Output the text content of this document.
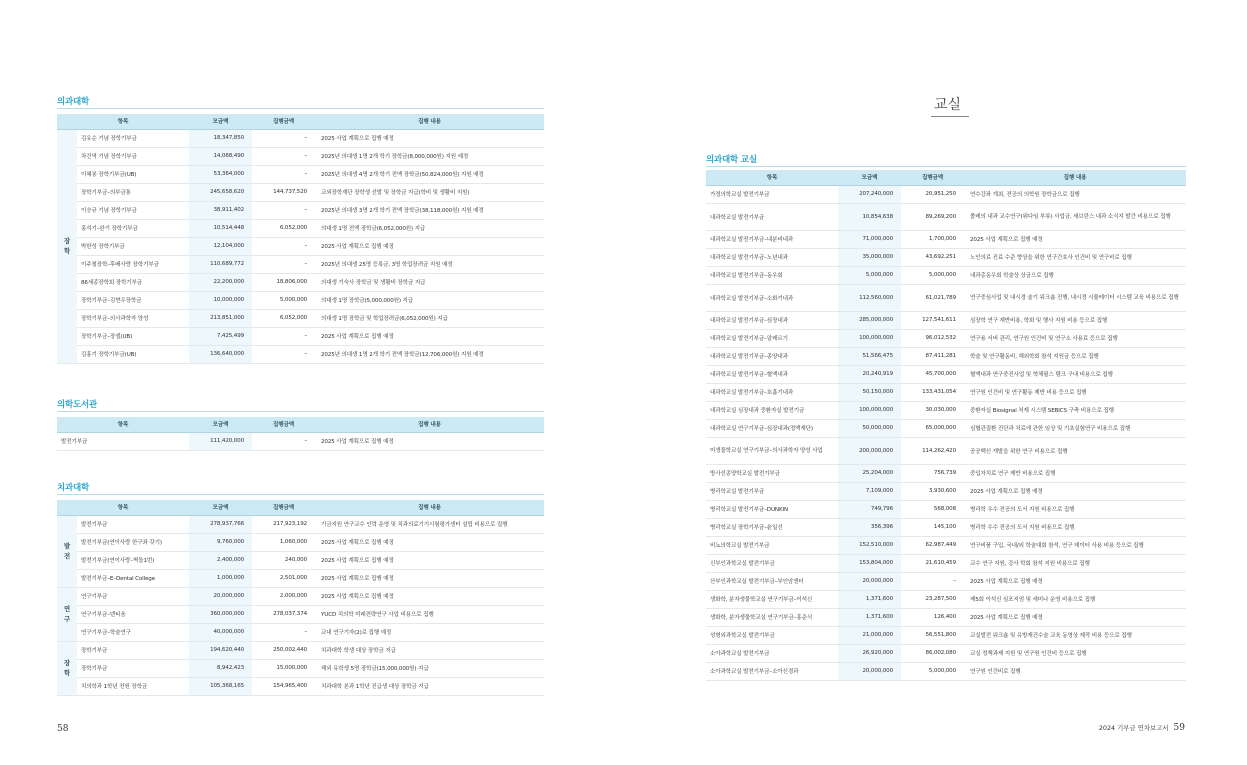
의과대학
항목		모금액	집행금액	집행 내용
장 학	김유순 기념 장학기부금	18,347,850	–	2025 사업 계획으로 집행 예정
	차건역 기념 장학기부금	14,068,490	–	2025년 의대생 1명 2개 학기 장학금(8,000,000원) 지원 예정
	이혜봉 장학기부금(UB)	53,364,000	–	2025년 의대생 4명 2개 학기 전액 장학금(50,824,000원) 지원 예정
	장학기부금–의부금통	245,658,620	144,737,520	교외장학재단 장학생 선발 및 장학금 지급(학비 및 생활비 지원)
	이승규 기념 장학기부금	38,911,402	–	2025년 의대생 3명 2개 학기 전액 장학금(38,118,000원) 지원 예정
	홍석기–완기 장학기부금	10,514,448	6,052,000	의대생 1명 전액 장학금(6,052,000원) 지급
	박한성 장학기부금	12,104,000	–	2025 사업 계획으로 집행 예정
	이주철장학–후배사랑 장학기부금	110,689,772	–	2025년 의대생 25명 등록금, 3명 학업장려금 지원 예정
	86세종장학회 장학기부금	22,200,000	18,806,000	의대생 기숙사 장학금 및 생활비 장학금 지급
	장학기부금–김현우장학금	10,000,000	5,000,000	의대생 1명 장학금(5,000,000원) 지급
	장학기부금–의사과학자 양성	213,851,000	6,052,000	의대생 1명 장학금 및 학업장려금(6,052,000원) 지급
	장학기부금–장셀(UB)	7,425,499	–	2025 사업 계획으로 집행 예정
	김홍기 장학기부금(UB)	136,640,000	–	2025년 의대생 1명 2개 학기 전액 장학금(12,706,000원) 지원 예정
의학도서관
항목	모금액	집행금액	집행 내용
발전기부금	111,420,000	–	2025 사업 계획으로 집행 예정
치과대학
항목		모금액	집행금액	집행 내용
발 전	발전기부금	278,937,766	217,923,192	기금지원 연구교수 인력 운영 및 치과의료기기시험평가센터 설립 비용으로 집행
	발전기부금(연이사랑 한구좌 갖기)	9,760,000	1,060,000	2025 사업 계획으로 집행 예정
	발전기부금(연이사랑–벽돌1번)	2,400,000	240,000	2025 사업 계획으로 집행 예정
	발전기부금–E–Dental College	1,000,000	2,501,000	2025 사업 계획으로 집행 예정
연 구	연구기부금	20,000,000	2,000,000	2025 사업 계획으로 집행 예정
	연구기부금–덴티움	360,000,000	278,037,374	YUCD 치의학 미래전략연구 사업 비용으로 집행
	연구기부금–학술연구	40,000,000	–	교내 연구기자(2)로 집행 예정
장 학	장학기부금	194,620,440	250,002,440	치과대학 학생 대상 장학금 지급
	장학기부금	8,942,423	15,000,000	해외 유학생 5명 장학금(15,000,000원) 지급
	치의학과 1학년 전원 장학금	105,368,165	154,965,400	치과대학 본과 1학년 진급생 대상 장학금 지급
58
교실
의과대학 교실
항목	모금액	집행금액	집행 내용
가정의학교실 발전기부금	207,240,000	20,951,250	연수강좌 개최, 전공의 의학원 장학금으로 집행
내과학교실 발전기부금	10,854,638	89,269,200	폴레의 내과 교수연구(위다임 부류) 사업금, 세브란스 내과 소식지 발간 비용으로 집행
내과학교실 발전기부금–내분비내과	71,000,000	1,700,000	2025 사업 계획으로 집행 예정
내과학교실 발전기부금–노년내과	35,000,000	43,692,251	노인의료 진료 수준 향상을 위한 연구간호사 인건비 및 연구비로 집행
내과학교실 발전기부금–동우회	5,000,000	5,000,000	내과총동우회 학술상 상금으로 집행
내과학교실 발전기부금–소화기내과	112,560,000	61,021,789	연구중심사업 및 내시경 술기 워크숍 진행, 내시경 시뮬레이터 시스템 교육 비용으로 집행
내과학교실 발전기부금–심장내과	285,000,000	127,541,611	심장학 연구 재반비용, 학회 및 행사 지원 비용 등으로 집행
내과학교실 발전기부금–알레르기	100,000,000	96,012,532	연구용 서버 관리, 연구원 인건비 및 연구소 사용료 등으로 집행
내과학교실 발전기부금–종양내과	51,566,475	87,411,281	학술 및 연구활동비, 해외학회 참석 지원금 등으로 집행
내과학교실 발전기부금–혈액내과	20,240,919	45,700,000	혈액내과 연구중진사업 및 혁체필스 템크 구내 비용으로 집행
내과학교실 발전기부금–호흡기내과	50,150,000	133,431,054	연구원 인건비 및 연구활동 제반 비용 등으로 집행
내과학교실 심장내과 중환자실 발전기금	100,000,000	30,030,000	중환자실 Biosignal 처재 시스템 SEBICS 구축 비용으로 집행
내과학교실 연구기부금–심장내과(정액재단)	50,000,000	65,000,000	심혈관질환 진단과 치료에 관한 임상 및 기초실험연구 비용으로 집행
미생물학교실 연구기부금–의사과학자 양성 사업	200,000,000	114,262,420	공공백신 개발을 위한 연구 비용으로 집행
방사선종양학교실 발전기부금	25,204,000	756,739	중입자치료 연구 제반 비용으로 집행
병리학교실 발전기부금	7,109,000	3,930,600	2025 사업 계획으로 집행 예정
병리학교실 발전기부금–DUNKIN	749,796	568,008	병리학 우수 전공의 도서 지원 비용으로 집행
병리학교실 장학기부금–윤일선	356,396	145,100	병리학 우수 전공의 도서 지원 비용으로 집행
비뇨의학교실 발전기부금	152,510,000	62,987,449	연구비품 구입, 국내/외 학술대회 참석, 연구 데이터 사용 비용 등으로 집행
신부인과학교실 발전기부금	153,804,000	21,610,459	교수 연구 지원, 강사 학회 참석 지원 비용으로 집행
산부인과학교실 발전기부금–부인암센터	20,000,000	–	2025 사업 계획으로 집행 예정
생화학, 분자생물학교실 연구기부금–이석신	1,371,600	23,287,500	제5회 이석신 심포지엄 및 세미나 운영 비용으로 집행
생화학, 분자생물학교실 연구기부금–홍준식	1,371,600	126,400	2025 사업 계획으로 집행 예정
성형외과학교실 발전기부금	21,000,000	56,551,800	교실발전 워크숍 및 유방재건수술 교육 동영상 제작 비용 등으로 집행
소아과학교실 발전기부금	26,920,000	86,002,080	교실 정책과제 지원 및 연구원 인건비 등으로 집행
소아과학교실 발전기부금–소아신경과	20,000,000	5,000,000	연구원 인건비로 집행
2024 기부금 연차보고서 59
